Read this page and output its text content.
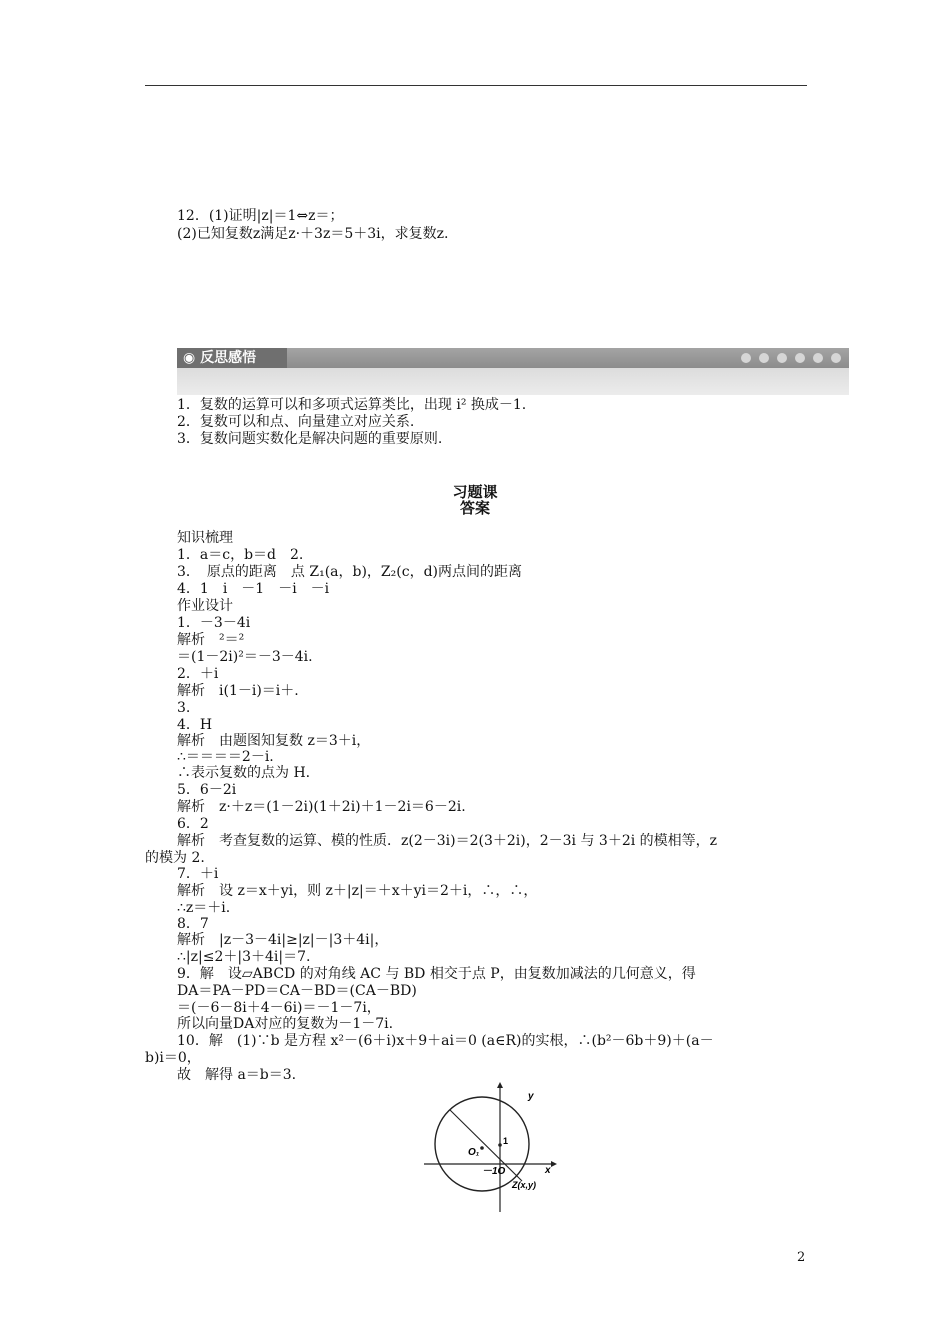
12．(1)证明|z|＝1⇔z＝；
(2)已知复数z满足z·＋3z＝5＋3i，求复数z.
◉ 反思感悟
1．复数的运算可以和多项式运算类比，出现 i² 换成－1.
2．复数可以和点、向量建立对应关系.
3．复数问题实数化是解决问题的重要原则.
习题课
答案
知识梳理
1．a＝c，b＝d　2.
3．　原点的距离　点 Z₁(a，b)，Z₂(c，d)两点间的距离
4．1　i　－1　－i　－i
作业设计
1．－3－4i
解析　²＝²
＝(1－2i)²＝－3－4i.
2．＋i
解析　i(1－i)＝i＋.
3.
4．H
解析　由题图知复数 z＝3＋i，
∴＝＝＝＝2－i.
∴表示复数的点为 H.
5．6－2i
解析　z·＋z＝(1－2i)(1＋2i)＋1－2i＝6－2i.
6．2
解析　考查复数的运算、模的性质．z(2－3i)＝2(3＋2i)，2－3i 与 3＋2i 的模相等，z
的模为 2.
7．＋i
解析　设 z＝x＋yi，则 z＋|z|＝＋x＋yi＝2＋i，∴，∴，
∴z＝＋i.
8．7
解析　|z－3－4i|≥|z|－|3＋4i|，
∴|z|≤2＋|3＋4i|＝7.
9．解　设▱ABCD 的对角线 AC 与 BD 相交于点 P，由复数加减法的几何意义，得
DA＝PA－PD＝CA－BD＝(CA－BD)
＝(－6－8i＋4－6i)＝－1－7i，
所以向量DA对应的复数为－1－7i.
10．解　(1)∵b 是方程 x²－(6＋i)x＋9＋ai＝0 (a∈R)的实根，∴(b²－6b＋9)＋(a－
b)i＝0，
故　解得 a＝b＝3.
y
x
O₁
1
－1O
Z(x,y)
2
